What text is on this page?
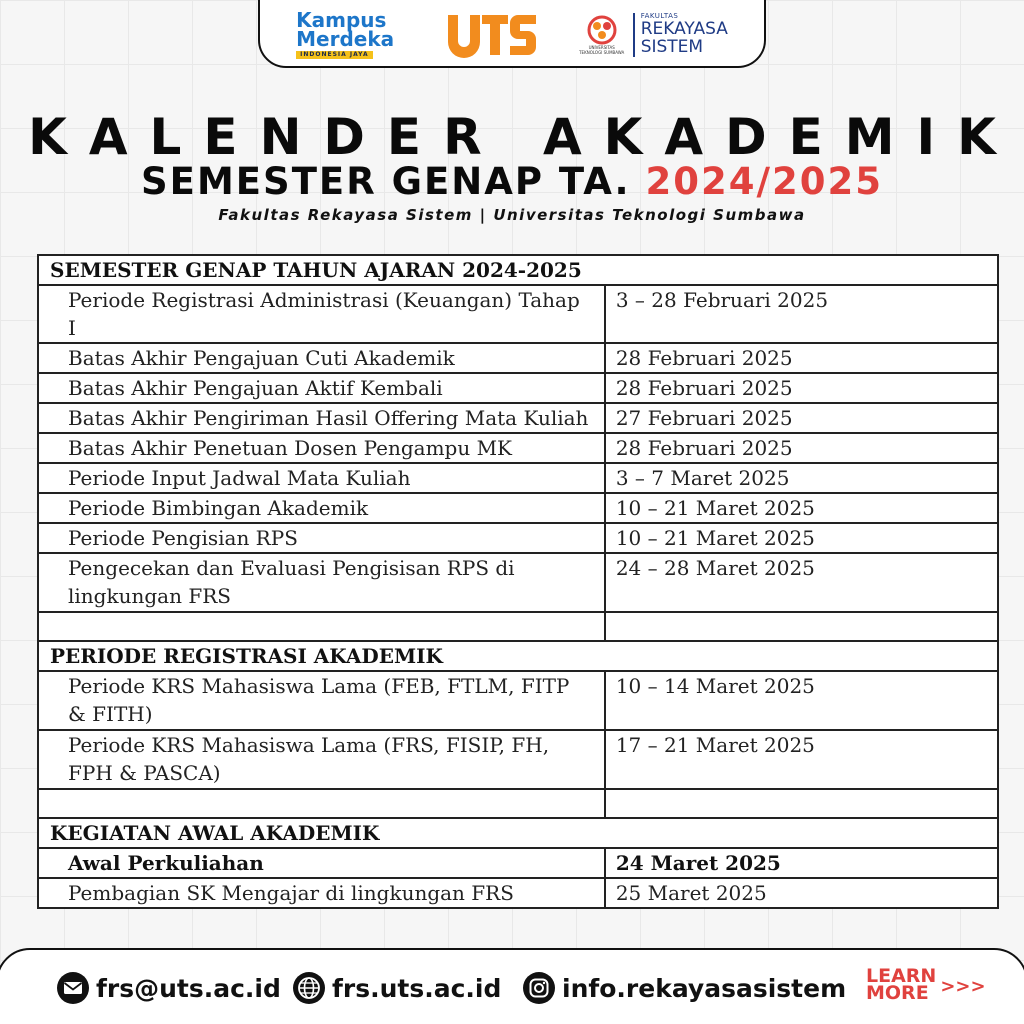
Kampus
Merdeka
INDONESIA JAYA
UNIVERSITAS TEKNOLOGI SUMBAWA
FAKULTAS
REKAYASA
SISTEM
KALENDER AKADEMIK
SEMESTER GENAP TA. 2024/2025
Fakultas Rekayasa Sistem | Universitas Teknologi Sumbawa
SEMESTER GENAP TAHUN AJARAN 2024-2025	
Periode Registrasi Administrasi (Keuangan) Tahap I	3 – 28 Februari 2025
Batas Akhir Pengajuan Cuti Akademik	28 Februari 2025
Batas Akhir Pengajuan Aktif Kembali	28 Februari 2025
Batas Akhir Pengiriman Hasil Offering Mata Kuliah	27 Februari 2025
Batas Akhir Penetuan Dosen Pengampu MK	28 Februari 2025
Periode Input Jadwal Mata Kuliah	3 – 7 Maret 2025
Periode Bimbingan Akademik	10 – 21 Maret 2025
Periode Pengisian RPS	10 – 21 Maret 2025

Pengecekan dan Evaluasi Pengisisan RPS di
lingkungan FRS	24 – 28 Maret 2025

PERIODE REGISTRASI AKADEMIK	

Periode KRS Mahasiswa Lama (FEB, FTLM, FITP
& FITH)	10 – 14 Maret 2025

Periode KRS Mahasiswa Lama (FRS, FISIP, FH,
FPH & PASCA)	17 – 21 Maret 2025

KEGIATAN AWAL AKADEMIK	
Awal Perkuliahan	24 Maret 2025
Pembagian SK Mengajar di lingkungan FRS	25 Maret 2025
frs@uts.ac.id frs.uts.ac.id info.rekayasasistem LEARN
MORE >>>
